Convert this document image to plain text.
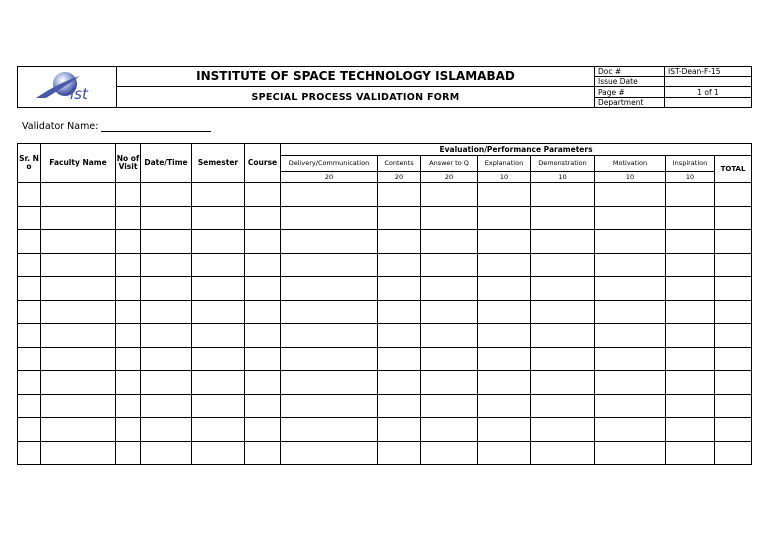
ist	INSTITUTE OF SPACE TECHNOLOGY ISLAMABAD	Doc #	IST-Dean-F-15
		Issue Date	
	SPECIAL PROCESS VALIDATION FORM	Page #	1 of 1
		Department	
Validator Name:
Sr. No	Faculty Name	No of Visit	Date/Time	Semester	Course	Evaluation/Performance Parameters							
						Delivery/Communication	Contents	Answer to Q	Explanation	Demonstration	Motivation	Inspiration	TOTAL
						20	20	20	10	10	10	10	
